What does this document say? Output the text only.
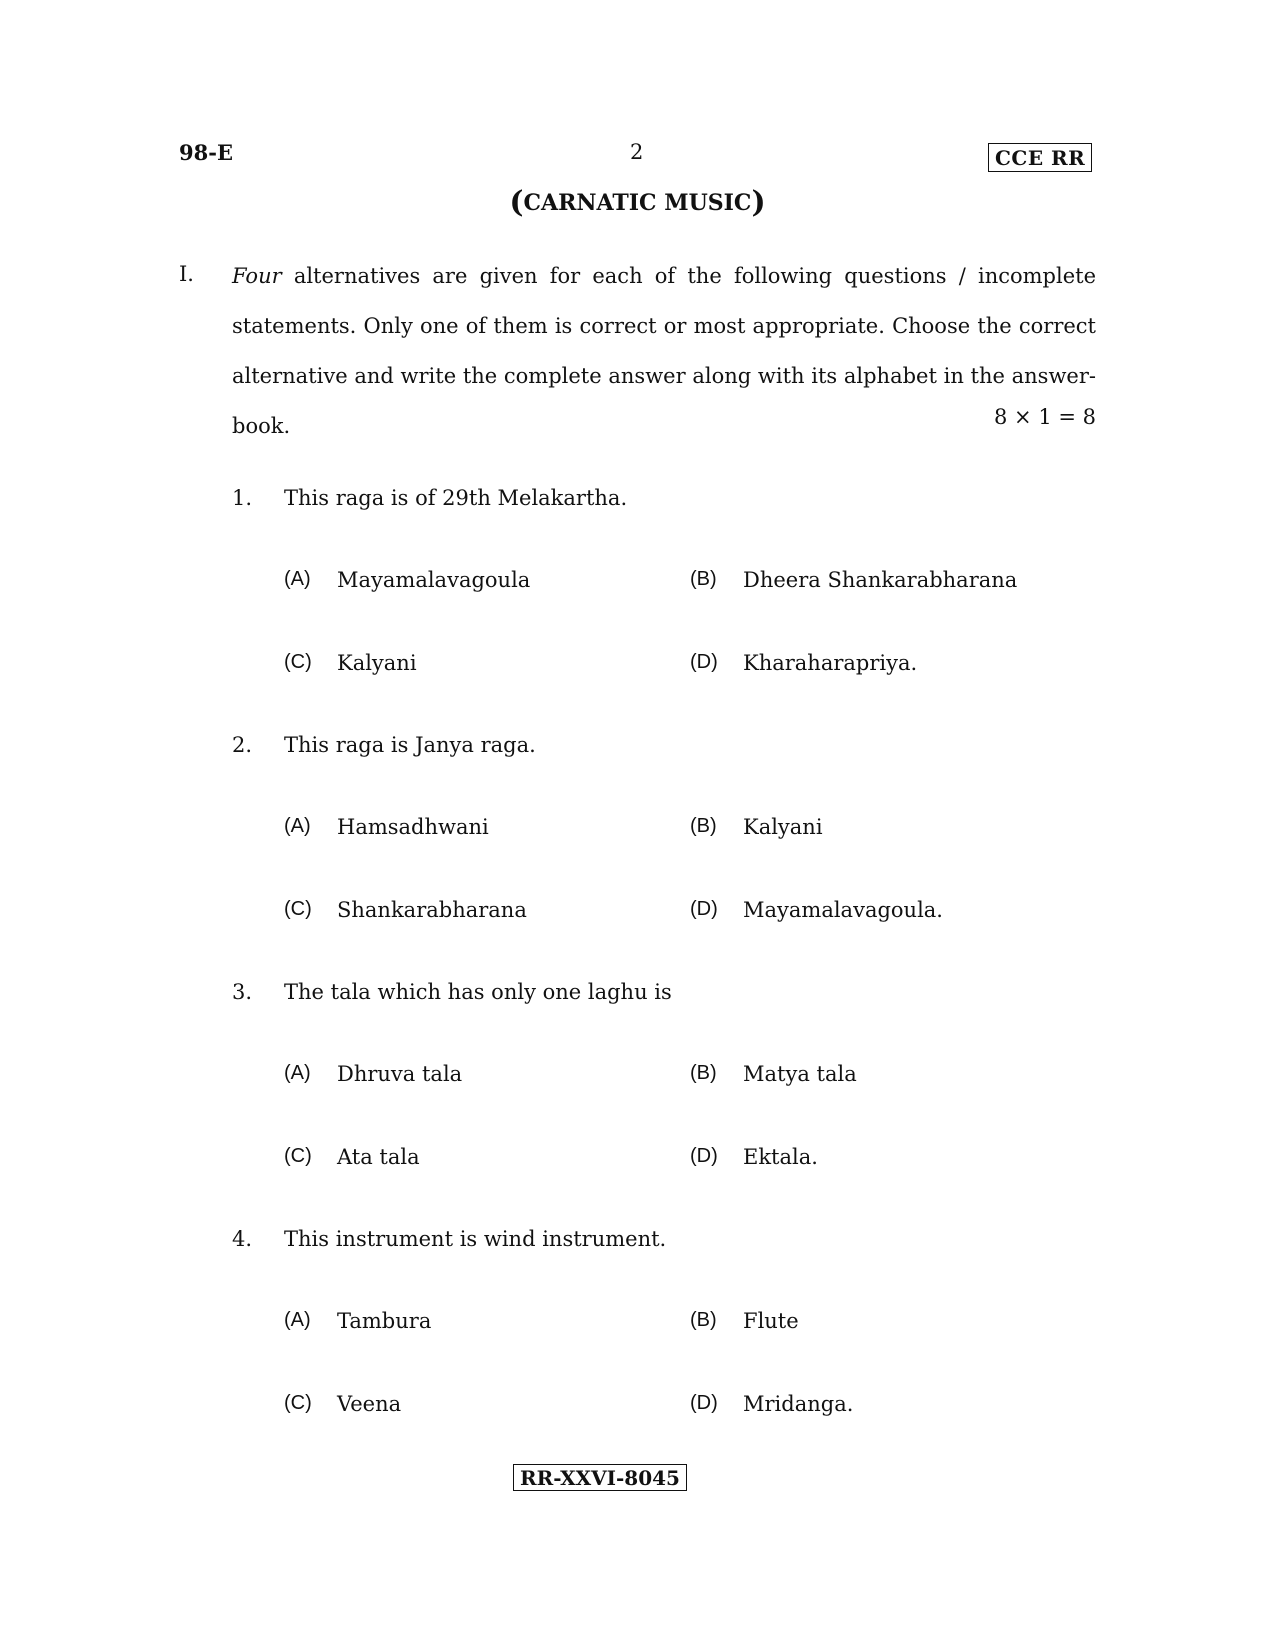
98-E	2	CCE RR
(CARNATIC MUSIC)
I. Four alternatives are given for each of the following questions / incomplete statements. Only one of them is correct or most appropriate. Choose the correct alternative and write the complete answer along with its alphabet in the answer-book.	8 × 1 = 8
1. This raga is of 29th Melakartha.
(A) Mayamalavagoula	(B) Dheera Shankarabharana
(C) Kalyani	(D) Kharaharapriya.
2. This raga is Janya raga.
(A) Hamsadhwani	(B) Kalyani
(C) Shankarabharana	(D) Mayamalavagoula.
3. The tala which has only one laghu is
(A) Dhruva tala	(B) Matya tala
(C) Ata tala	(D) Ektala.
4. This instrument is wind instrument.
(A) Tambura	(B) Flute
(C) Veena	(D) Mridanga.
RR-XXVI-8045
